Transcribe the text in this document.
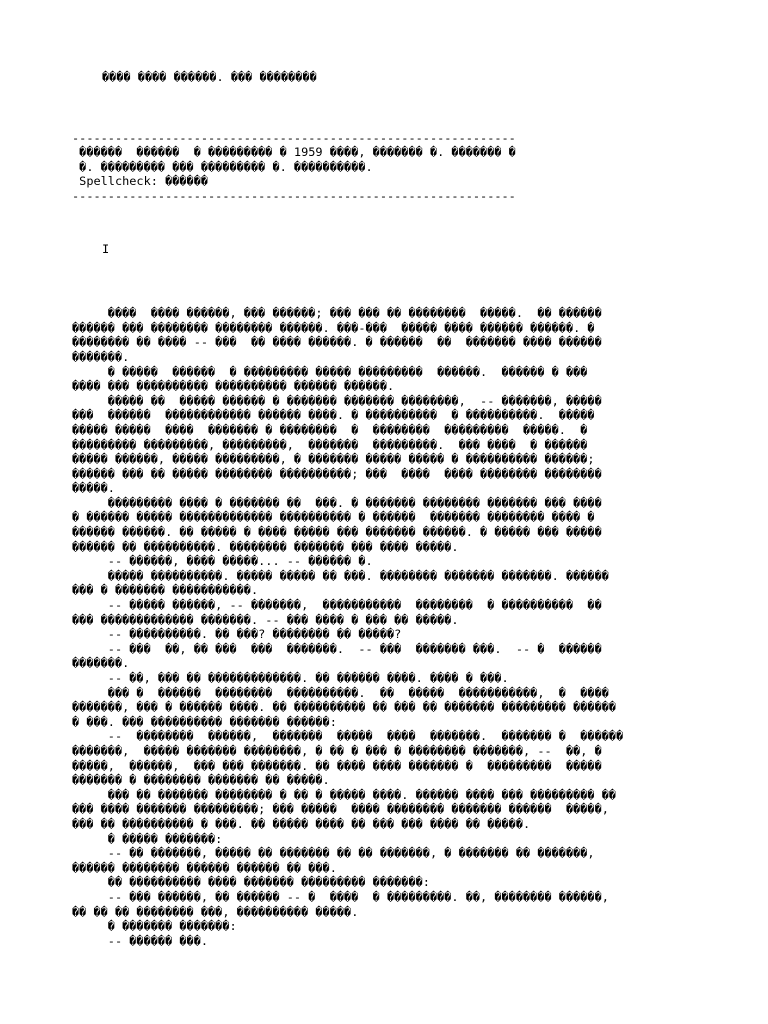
���� ���� ������. ��� ��������
--------------------------------------------------------------
������  ������  � ��������� � 1959 ����, ������� �. ������� �
�. ��������� ��� ��������� �. ����������.
Spellcheck: ������
--------------------------------------------------------------
I
����  ���� ������, ��� ������; ��� ��� �� ��������  �����.  �� ������
������ ��� �������� �������� ������. ���-���  ����� ���� ������ ������. �
�������� �� ���� -- ���  �� ���� ������. � ������  ��  ������� ���� ������
�������.
� �����  ������  � ��������� ����� ���������  ������.  ������ � ���
���� ��� ���������� ���������� ������ ������.
����� ��  ����� ������ � ������� ������� ��������,  -- �������, �����
���  ������  ������������ ������ ����. � ����������  � ����������.  �����
����� �����  ����  ������� � ��������  �  ��������  ���������  �����.  �
��������� ���������, ���������,  �������  ���������.  ��� ����  � ������
����� ������, ����� ���������, � ������� ����� ����� � ���������� ������;
������ ��� �� ����� �������� ����������; ���  ����  ���� �������� ��������
�����.
��������� ���� � ������� ��  ���. � ������� �������� ������� ��� ����
� ������ ����� ������������� ���������� � ������  ������� �������� ���� �
������ ������. �� ����� � ���� ����� ��� ������� ������. � ����� ��� �����
������ �� ����������. �������� ������� ��� ���� �����.
-- ������, ���� �����... -- ������ �.
����� ����������. ����� ����� �� ���. �������� ������� �������. ������
��� � ������� �����������.
-- ����� ������, -- �������,  �����������  ��������  � ����������  ��
��� ������������� �������. -- ��� ���� � ��� �� �����.
-- ����������. �� ���? �������� �� �����?
-- ���  ��, �� ���  ���  �������.  -- ���  ������� ���.  -- �  ������
�������.
-- ��, ��� �� �������������. �� ������ ����. ���� � ���.
��� �  ������  ��������  ����������.  ��  �����  �����������,  �  ����
�������, ��� � ������ ����. �� ���������� �� ��� �� ������� ��������� ������
� ���. ��� ���������� ������� ������:
--  ��������  ������,  �������  �����  ����  �������.  ������� �  ������
�������,  ����� ������� ��������, � �� � ��� � �������� �������, --  ��, �
�����,  ������,  ��� ��� �������. �� ���� ���� ������� �  ���������  �����
������� � �������� ������� �� �����.
��� �� ������� �������� � �� � ����� ����. ������ ���� ��� ��������� ��
��� ���� ������� ���������; ��� �����  ���� �������� ������� ������  �����,
��� �� ���������� � ���. �� ����� ���� �� ��� ��� ���� �� �����.
� ����� �������:
-- �� �������, ����� �� ������� �� �� �������, � ������� �� �������,
������ �������� ������ ������ �� ���.
�� ���������� ���� ������� ��������� �������:
-- ��� ������, �� ������ -- �  ����  � ���������. ��, �������� ������,
�� �� �� �������� ���, ���������� �����.
� ������� �������:
-- ������ ���.
